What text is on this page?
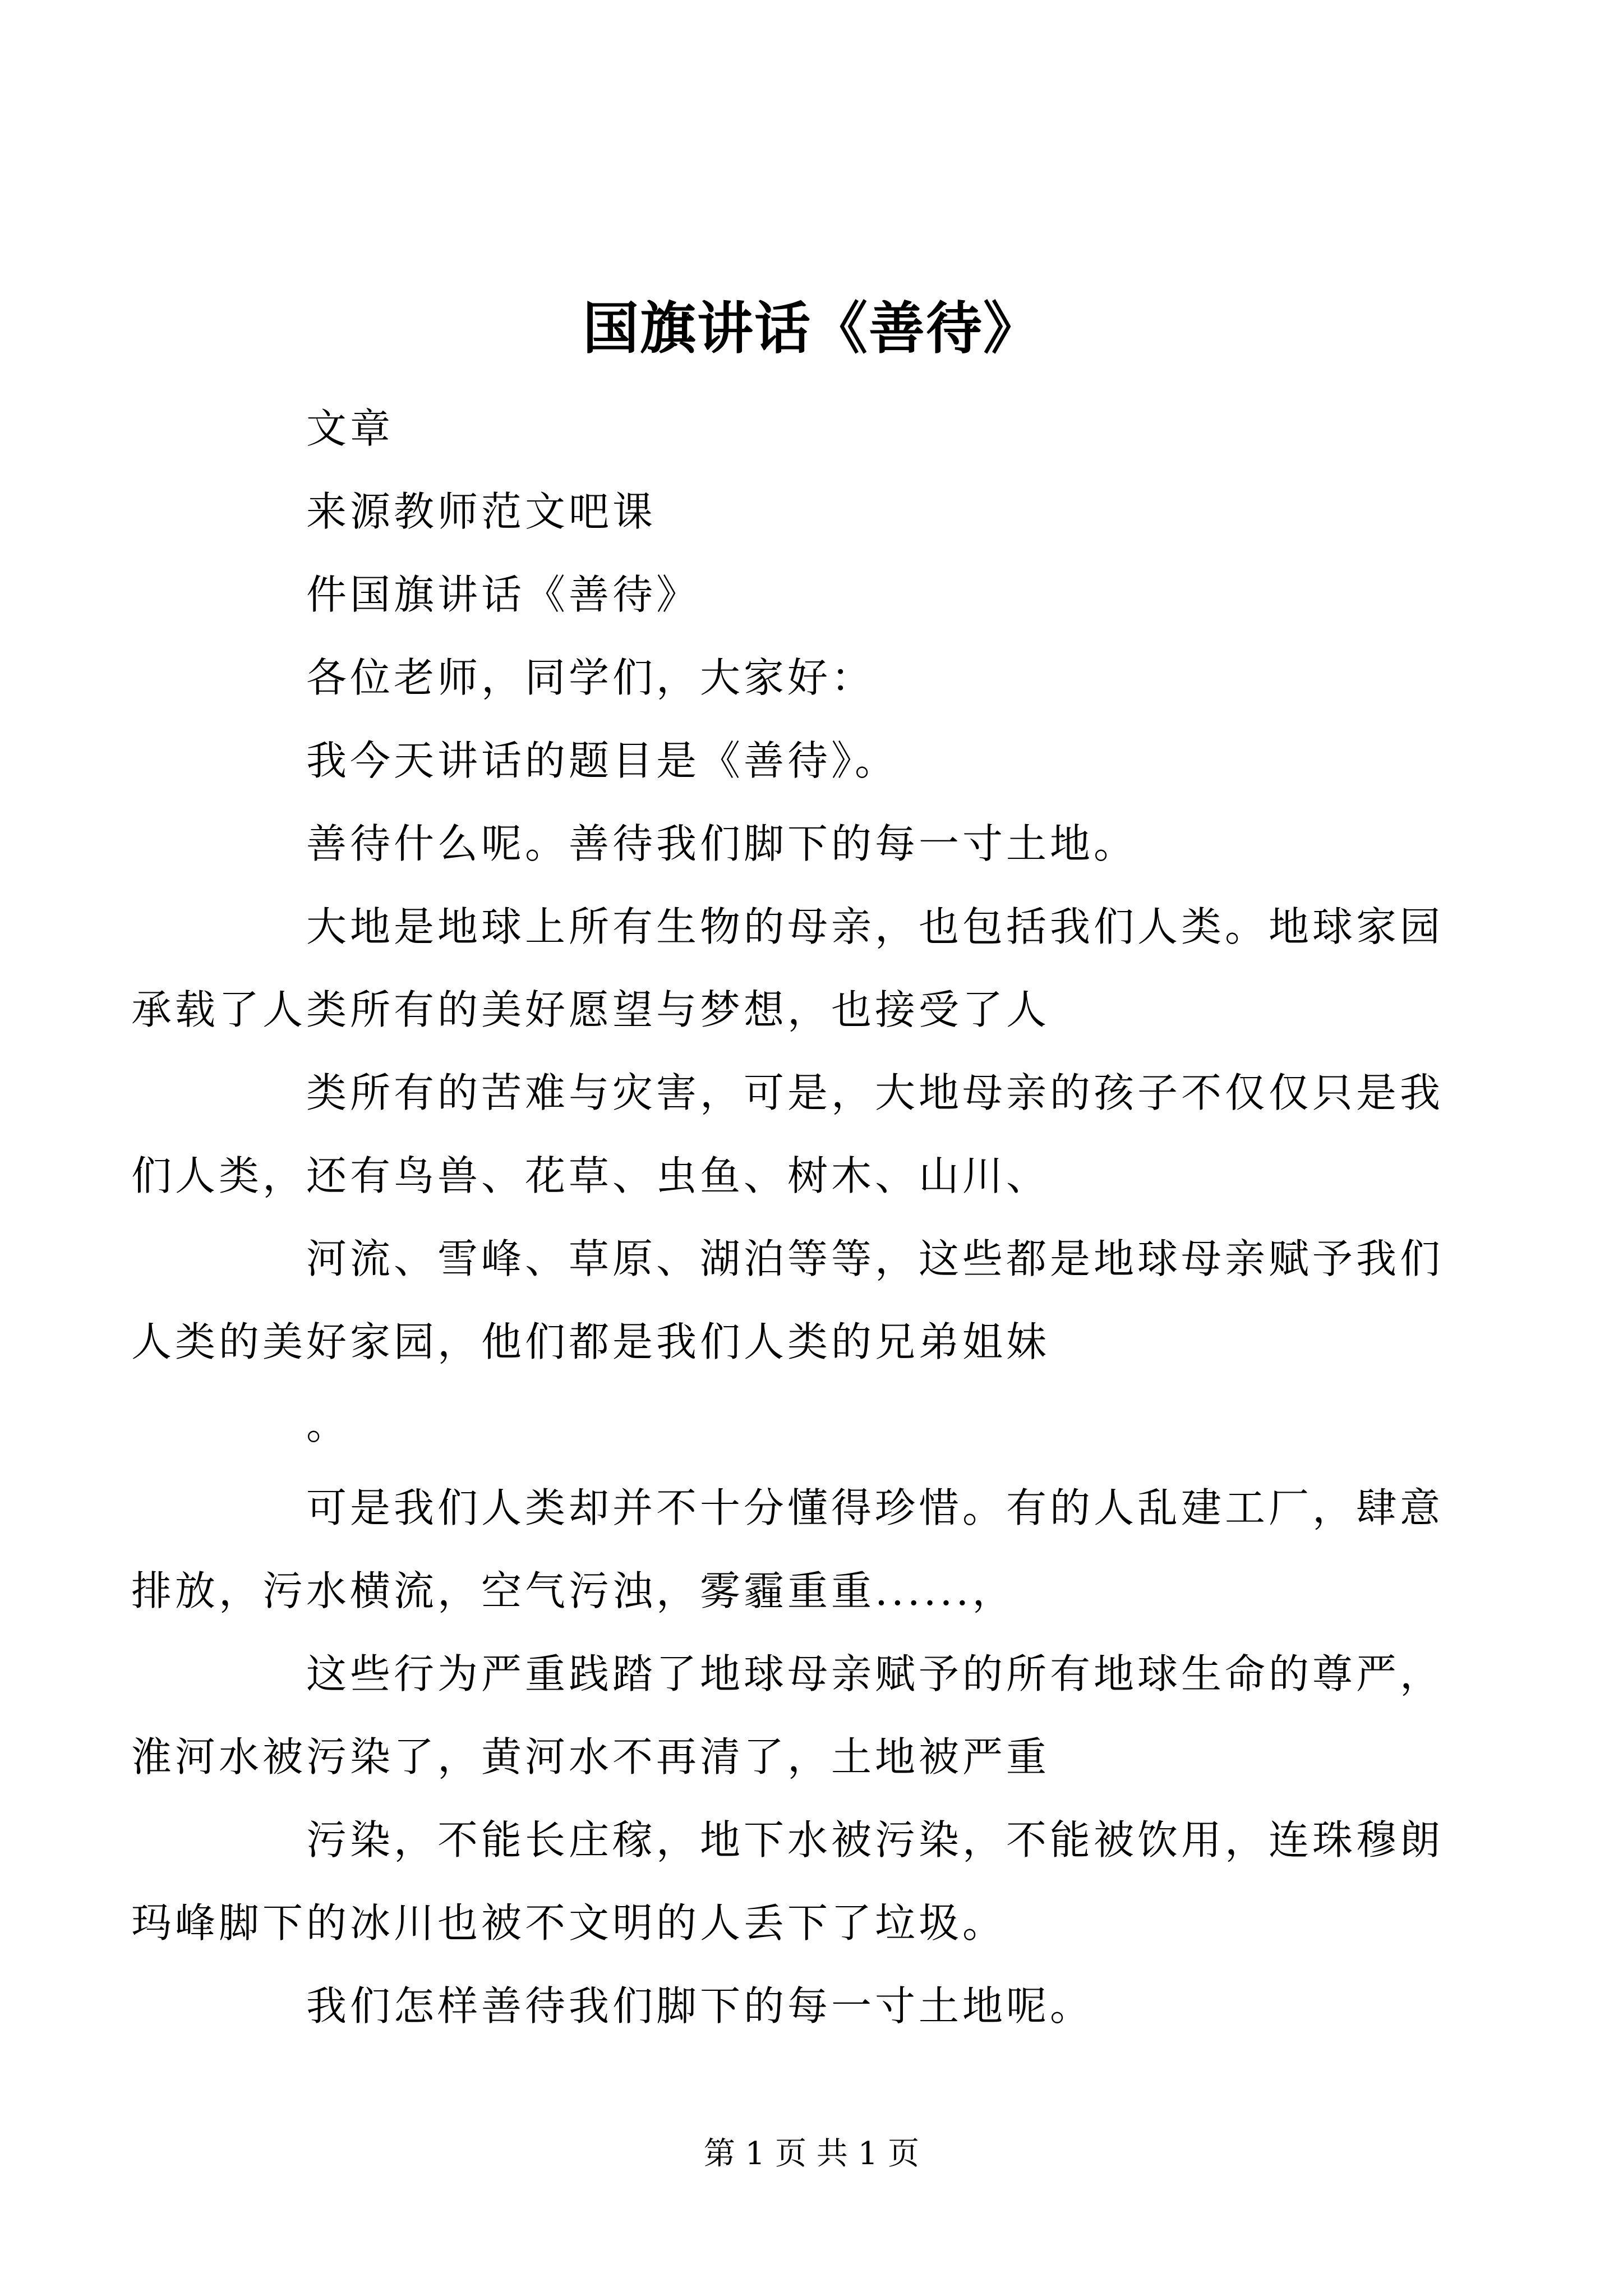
国旗讲话《善待》

文章

来源教师范文吧课

件国旗讲话《善待》

各位老师，同学们，大家好：

我今天讲话的题目是《善待》。

善待什么呢。善待我们脚下的每一寸土地。

大地是地球上所有生物的母亲，也包括我们人类。地球家园
承载了人类所有的美好愿望与梦想，也接受了人

类所有的苦难与灾害，可是，大地母亲的孩子不仅仅只是我
们人类，还有鸟兽、花草、虫鱼、树木、山川、

河流、雪峰、草原、湖泊等等，这些都是地球母亲赋予我们
人类的美好家园，他们都是我们人类的兄弟姐妹

。

可是我们人类却并不十分懂得珍惜。有的人乱建工厂，肆意
排放，污水横流，空气污浊，雾霾重重......，

这些行为严重践踏了地球母亲赋予的所有地球生命的尊严，
淮河水被污染了，黄河水不再清了，土地被严重

污染，不能长庄稼，地下水被污染，不能被饮用，连珠穆朗
玛峰脚下的冰川也被不文明的人丢下了垃圾。

我们怎样善待我们脚下的每一寸土地呢。

第 1 页 共 1 页
